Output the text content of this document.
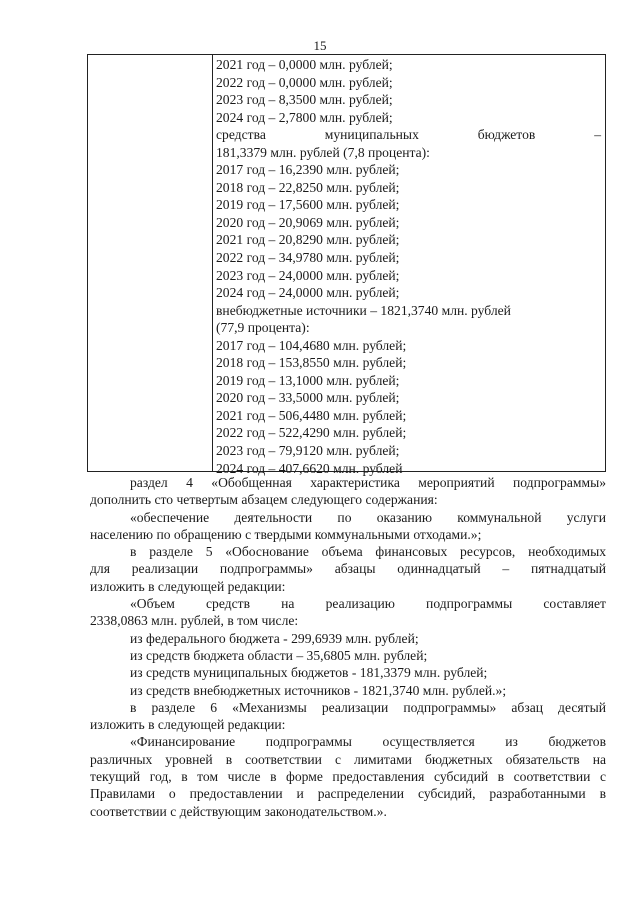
15
2021 год – 0,0000 млн. рублей;
2022 год – 0,0000 млн. рублей;
2023 год – 8,3500 млн. рублей;
2024 год – 2,7800 млн. рублей;
средства	муниципальных	бюджетов	–
181,3379 млн. рублей (7,8 процента):
2017 год – 16,2390 млн. рублей;
2018 год – 22,8250 млн. рублей;
2019 год – 17,5600 млн. рублей;
2020 год – 20,9069 млн. рублей;
2021 год – 20,8290 млн. рублей;
2022 год – 34,9780 млн. рублей;
2023 год – 24,0000 млн. рублей;
2024 год – 24,0000 млн. рублей;
внебюджетные источники – 1821,3740 млн. рублей
(77,9 процента):
2017 год – 104,4680 млн. рублей;
2018 год – 153,8550 млн. рублей;
2019 год – 13,1000 млн. рублей;
2020 год – 33,5000 млн. рублей;
2021 год – 506,4480 млн. рублей;
2022 год – 522,4290 млн. рублей;
2023 год – 79,9120 млн. рублей;
2024 год – 407,6620 млн. рублей
раздел 4 «Обобщенная характеристика мероприятий подпрограммы»
дополнить сто четвертым абзацем следующего содержания:
«обеспечение деятельности по оказанию коммунальной услуги
населению по обращению с твердыми коммунальными отходами.»;
в разделе 5 «Обоснование объема финансовых ресурсов, необходимых
для реализации подпрограммы» абзацы одиннадцатый – пятнадцатый
изложить в следующей редакции:
«Объем средств на реализацию подпрограммы составляет
2338,0863 млн. рублей, в том числе:
из федерального бюджета - 299,6939 млн. рублей;
из средств бюджета области – 35,6805 млн. рублей;
из средств муниципальных бюджетов - 181,3379 млн. рублей;
из средств внебюджетных источников - 1821,3740 млн. рублей.»;
в разделе 6 «Механизмы реализации подпрограммы» абзац десятый
изложить в следующей редакции:
«Финансирование подпрограммы осуществляется из бюджетов
различных уровней в соответствии с лимитами бюджетных обязательств на
текущий год, в том числе в форме предоставления субсидий в соответствии с
Правилами о предоставлении и распределении субсидий, разработанными в
соответствии с действующим законодательством.».
